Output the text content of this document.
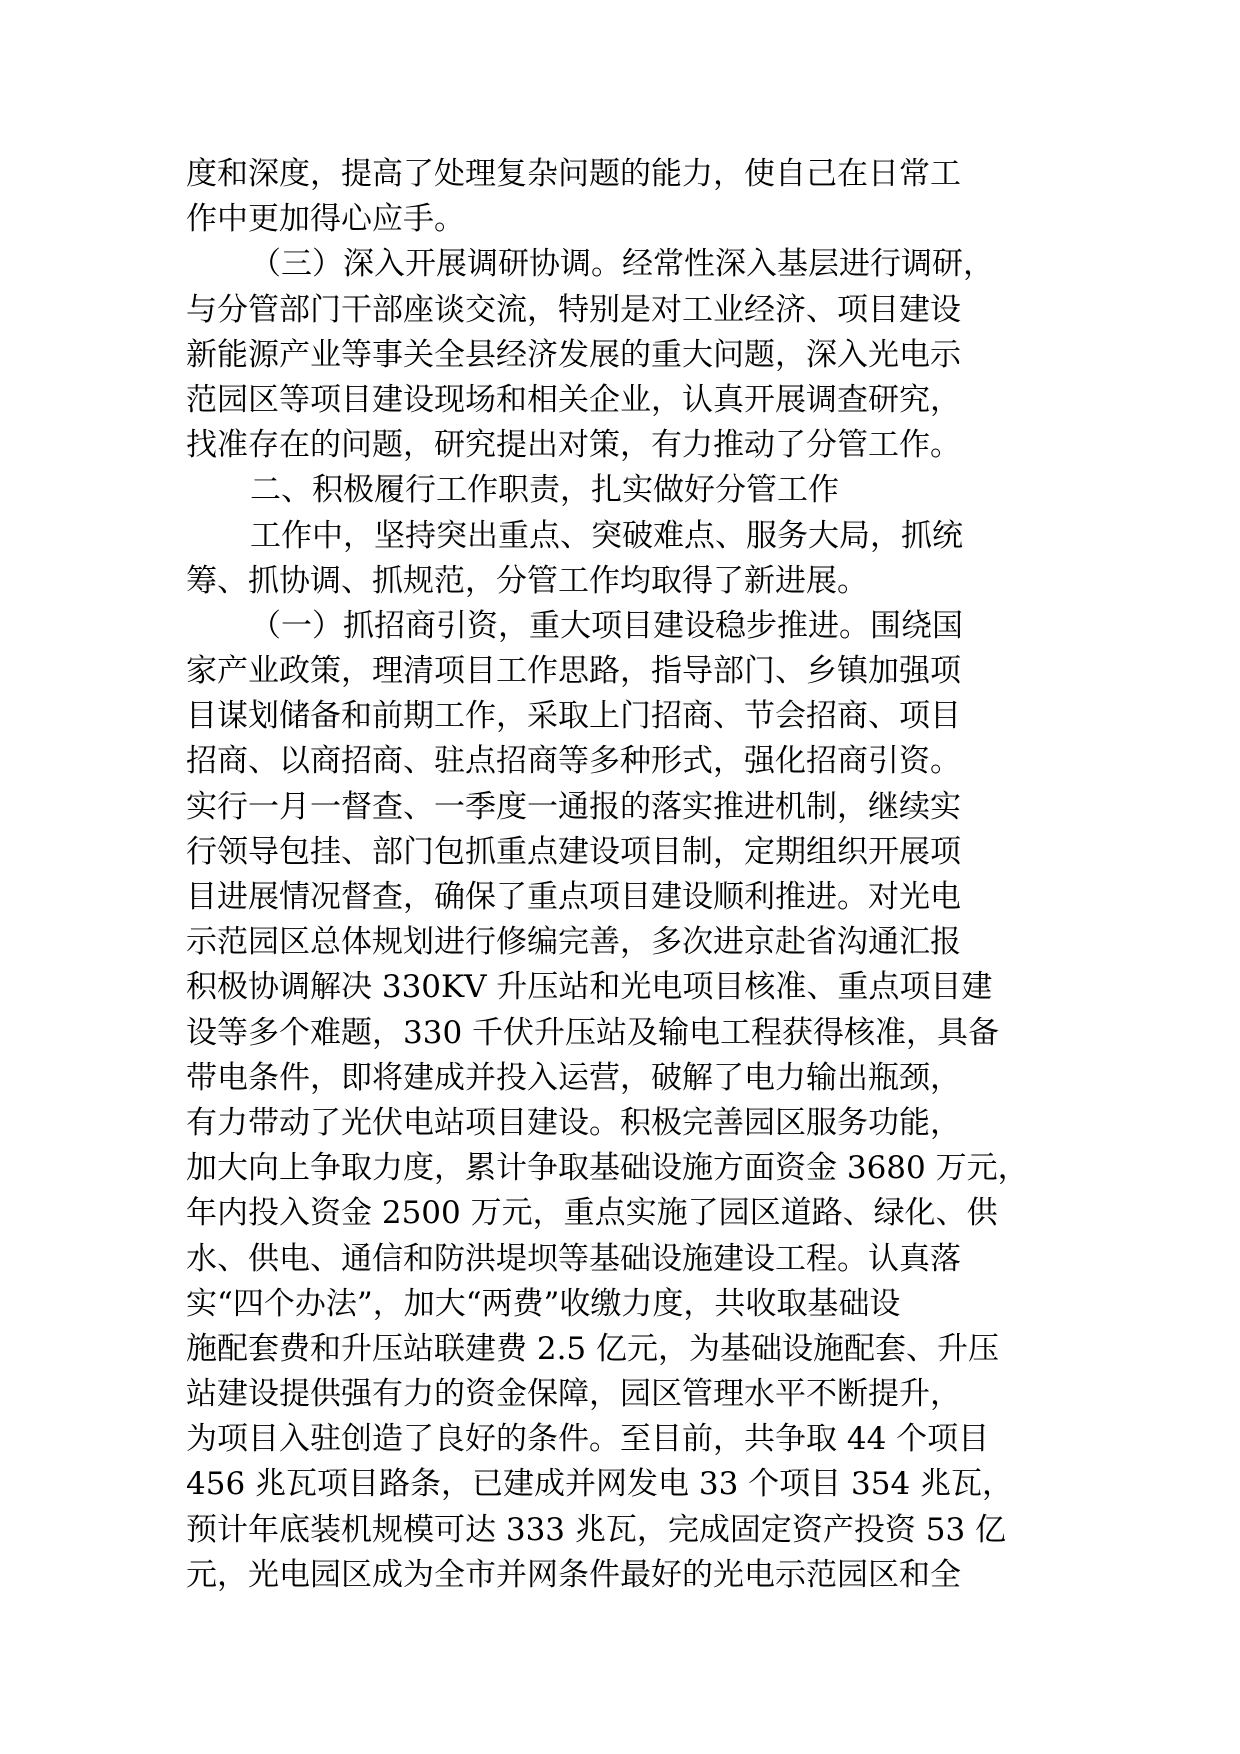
度和深度，提高了处理复杂问题的能力，使自己在日常工
作中更加得心应手。
（三）深入开展调研协调。经常性深入基层进行调研，
与分管部门干部座谈交流，特别是对工业经济、项目建设
新能源产业等事关全县经济发展的重大问题，深入光电示
范园区等项目建设现场和相关企业，认真开展调查研究，
找准存在的问题，研究提出对策，有力推动了分管工作。
二、积极履行工作职责，扎实做好分管工作
工作中，坚持突出重点、突破难点、服务大局，抓统
筹、抓协调、抓规范，分管工作均取得了新进展。
（一）抓招商引资，重大项目建设稳步推进。围绕国
家产业政策，理清项目工作思路，指导部门、乡镇加强项
目谋划储备和前期工作，采取上门招商、节会招商、项目
招商、以商招商、驻点招商等多种形式，强化招商引资。
实行一月一督查、一季度一通报的落实推进机制，继续实
行领导包挂、部门包抓重点建设项目制，定期组织开展项
目进展情况督查，确保了重点项目建设顺利推进。对光电
示范园区总体规划进行修编完善，多次进京赴省沟通汇报
积极协调解决 330KV 升压站和光电项目核准、重点项目建
设等多个难题，330 千伏升压站及输电工程获得核准，具备
带电条件，即将建成并投入运营，破解了电力输出瓶颈，
有力带动了光伏电站项目建设。积极完善园区服务功能，
加大向上争取力度，累计争取基础设施方面资金 3680 万元，
年内投入资金 2500 万元，重点实施了园区道路、绿化、供
水、供电、通信和防洪堤坝等基础设施建设工程。认真落
实“四个办法”，加大“两费”收缴力度，共收取基础设
施配套费和升压站联建费 2.5 亿元，为基础设施配套、升压
站建设提供强有力的资金保障，园区管理水平不断提升，
为项目入驻创造了良好的条件。至目前，共争取 44 个项目
456 兆瓦项目路条，已建成并网发电 33 个项目 354 兆瓦，
预计年底装机规模可达 333 兆瓦，完成固定资产投资 53 亿
元，光电园区成为全市并网条件最好的光电示范园区和全
